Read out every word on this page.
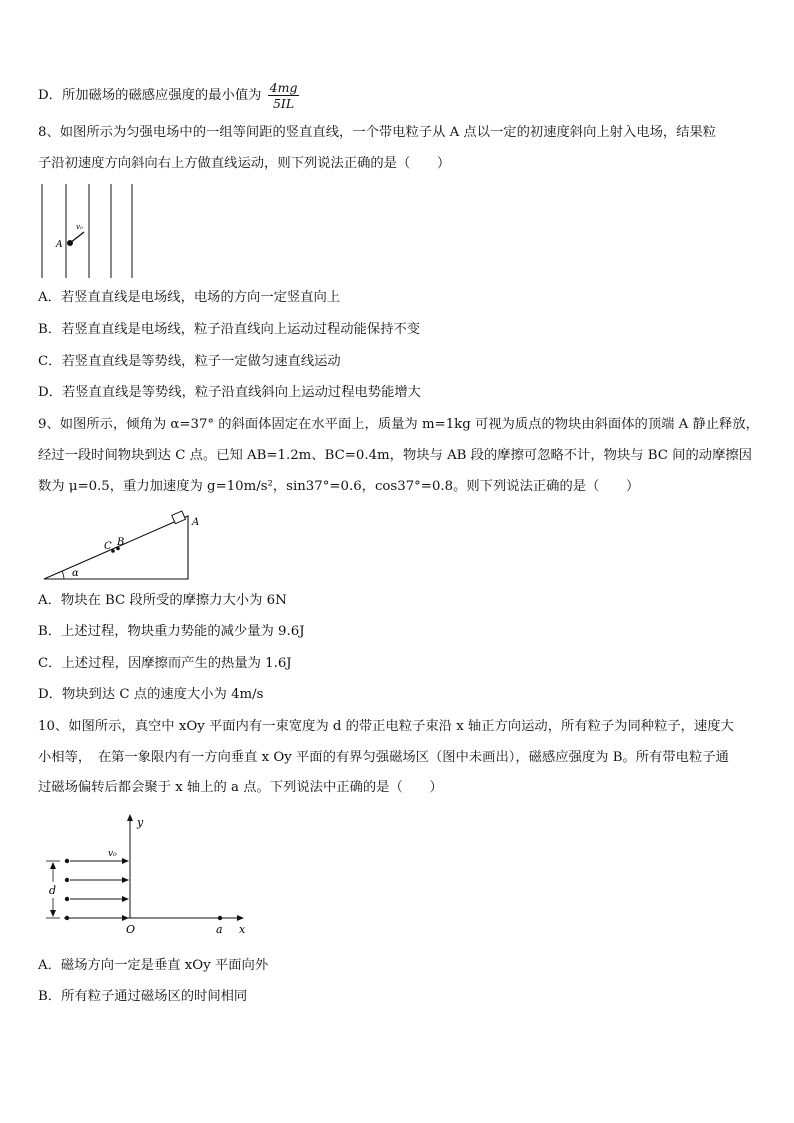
D．所加磁场的磁感应强度的最小值为 $\frac{4mg}{5IL}$
8、如图所示为匀强电场中的一组等间距的竖直直线，一个带电粒子从 A 点以一定的初速度斜向上射入电场，结果粒
子沿初速度方向斜向右上方做直线运动，则下列说法正确的是（　　）
A
v₀
A．若竖直直线是电场线，电场的方向一定竖直向上
B．若竖直直线是电场线，粒子沿直线向上运动过程动能保持不变
C．若竖直直线是等势线，粒子一定做匀速直线运动
D．若竖直直线是等势线，粒子沿直线斜向上运动过程电势能增大
9、如图所示，倾角为 α=37° 的斜面体固定在水平面上，质量为 m=1kg 可视为质点的物块由斜面体的顶端 A 静止释放，
经过一段时间物块到达 C 点。已知 AB=1.2m、BC=0.4m，物块与 AB 段的摩擦可忽略不计，物块与 BC 间的动摩擦因
数为 μ=0.5，重力加速度为 g=10m/s²，sin37°=0.6，cos37°=0.8。则下列说法正确的是（　　）
C B
A
α
A．物块在 BC 段所受的摩擦力大小为 6N
B．上述过程，物块重力势能的减少量为 9.6J
C．上述过程，因摩擦而产生的热量为 1.6J
D．物块到达 C 点的速度大小为 4m/s
10、如图所示，真空中 xOy 平面内有一束宽度为 d 的带正电粒子束沿 x 轴正方向运动，所有粒子为同种粒子，速度大
小相等，　在第一象限内有一方向垂直 x Oy 平面的有界匀强磁场区（图中未画出），磁感应强度为 B。所有带电粒子通
过磁场偏转后都会聚于 x 轴上的 a 点。下列说法中正确的是（　　）
y
x
O	a
v₀
d
A．磁场方向一定是垂直 xOy 平面向外
B．所有粒子通过磁场区的时间相同
